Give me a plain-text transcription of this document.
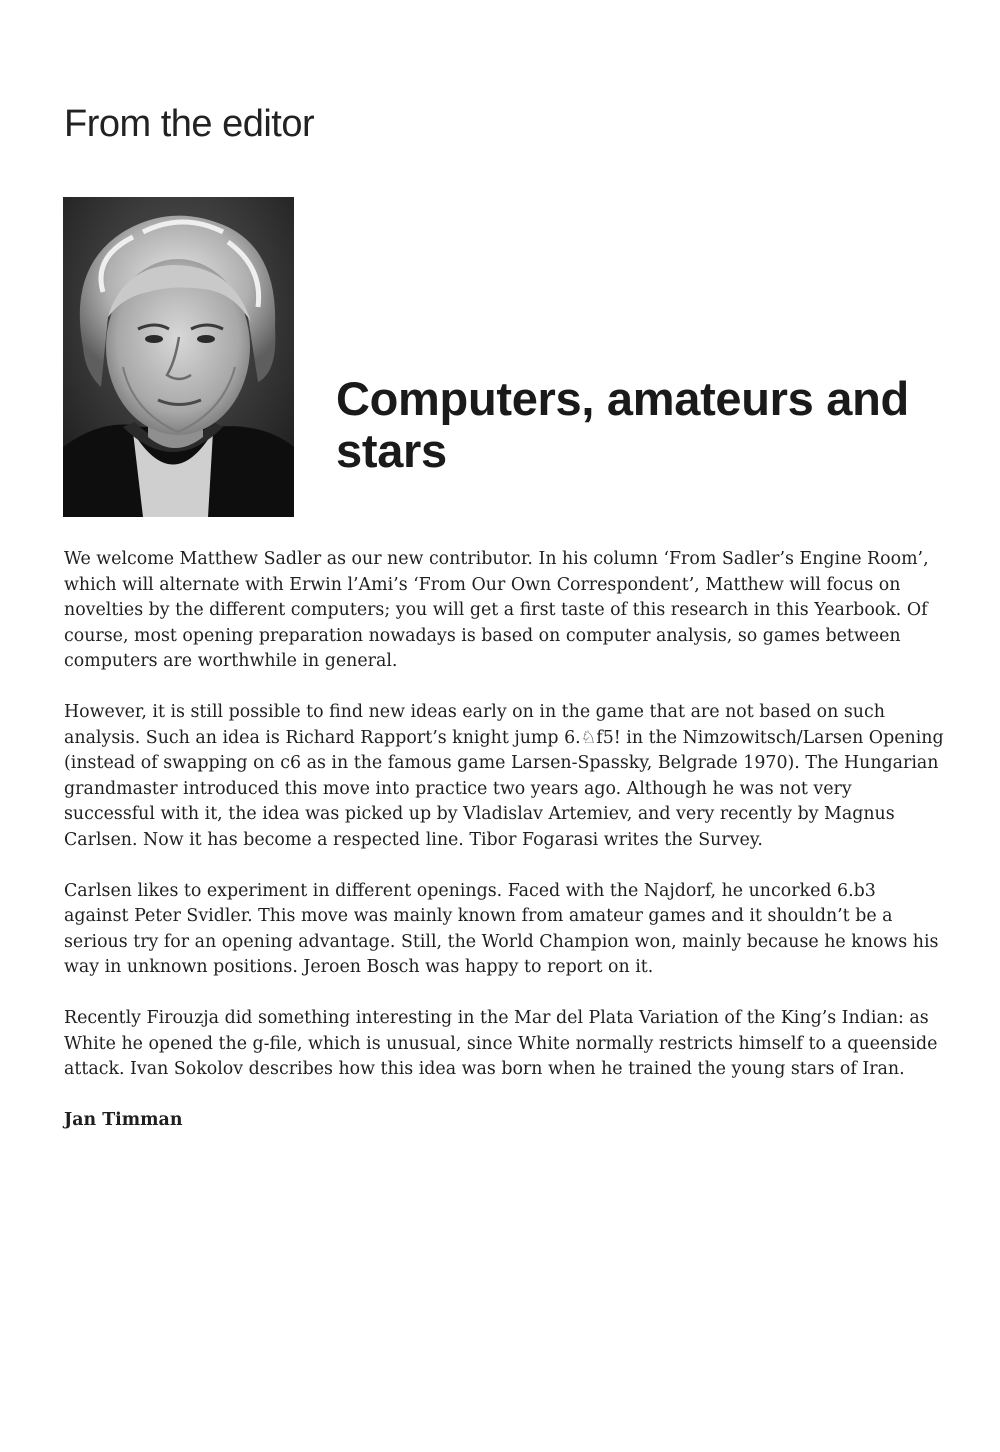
From the editor
Computers, amateurs and stars

We welcome Matthew Sadler as our new contributor. In his column ‘From Sadler’s Engine Room’, which will alternate with Erwin l’Ami’s ‘From Our Own Correspondent’, Matthew will focus on novelties by the different computers; you will get a first taste of this research in this Yearbook. Of course, most opening preparation nowadays is based on computer analysis, so games between computers are worthwhile in general.

However, it is still possible to find new ideas early on in the game that are not based on such analysis. Such an idea is Richard Rapport’s knight jump 6.♘f5! in the Nimzowitsch/Larsen Opening (instead of swapping on c6 as in the famous game Larsen-Spassky, Belgrade 1970). The Hungarian grandmaster introduced this move into practice two years ago. Although he was not very successful with it, the idea was picked up by Vladislav Artemiev, and very recently by Magnus Carlsen. Now it has become a respected line. Tibor Fogarasi writes the Survey.

Carlsen likes to experiment in different openings. Faced with the Najdorf, he uncorked 6.b3 against Peter Svidler. This move was mainly known from amateur games and it shouldn’t be a serious try for an opening advantage. Still, the World Champion won, mainly because he knows his way in unknown positions. Jeroen Bosch was happy to report on it.

Recently Firouzja did something interesting in the Mar del Plata Variation of the King’s Indian: as White he opened the g-file, which is unusual, since White normally restricts himself to a queenside attack. Ivan Sokolov describes how this idea was born when he trained the young stars of Iran.

Jan Timman
